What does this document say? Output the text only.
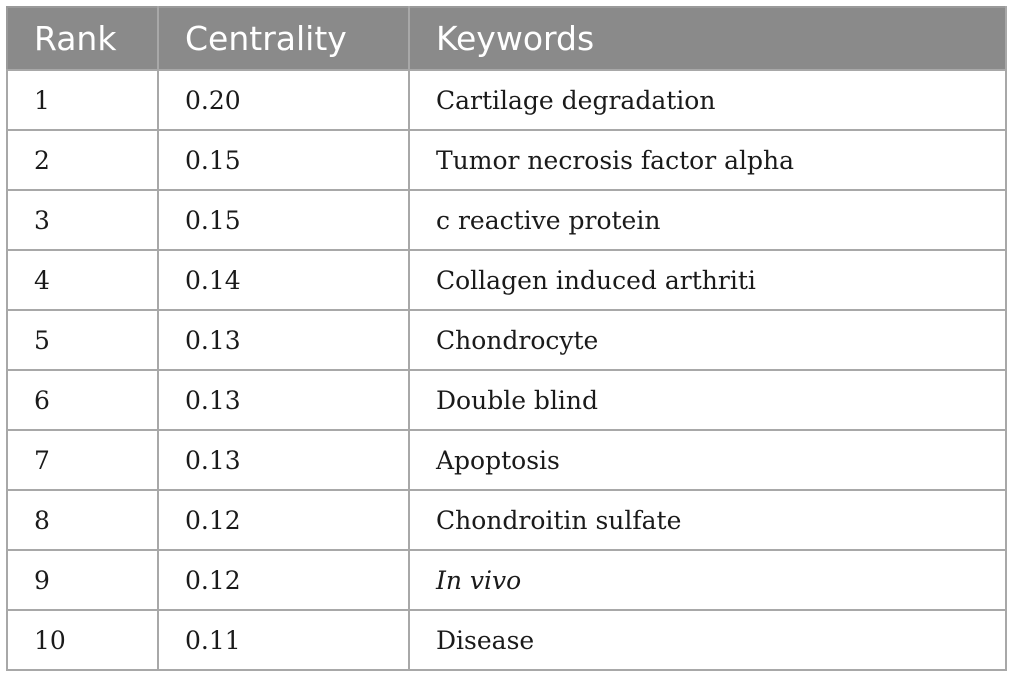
Rank	Centrality	Keywords
1	0.20	Cartilage degradation
2	0.15	Tumor necrosis factor alpha
3	0.15	c reactive protein
4	0.14	Collagen induced arthriti
5	0.13	Chondrocyte
6	0.13	Double blind
7	0.13	Apoptosis
8	0.12	Chondroitin sulfate
9	0.12	In vivo
10	0.11	Disease
